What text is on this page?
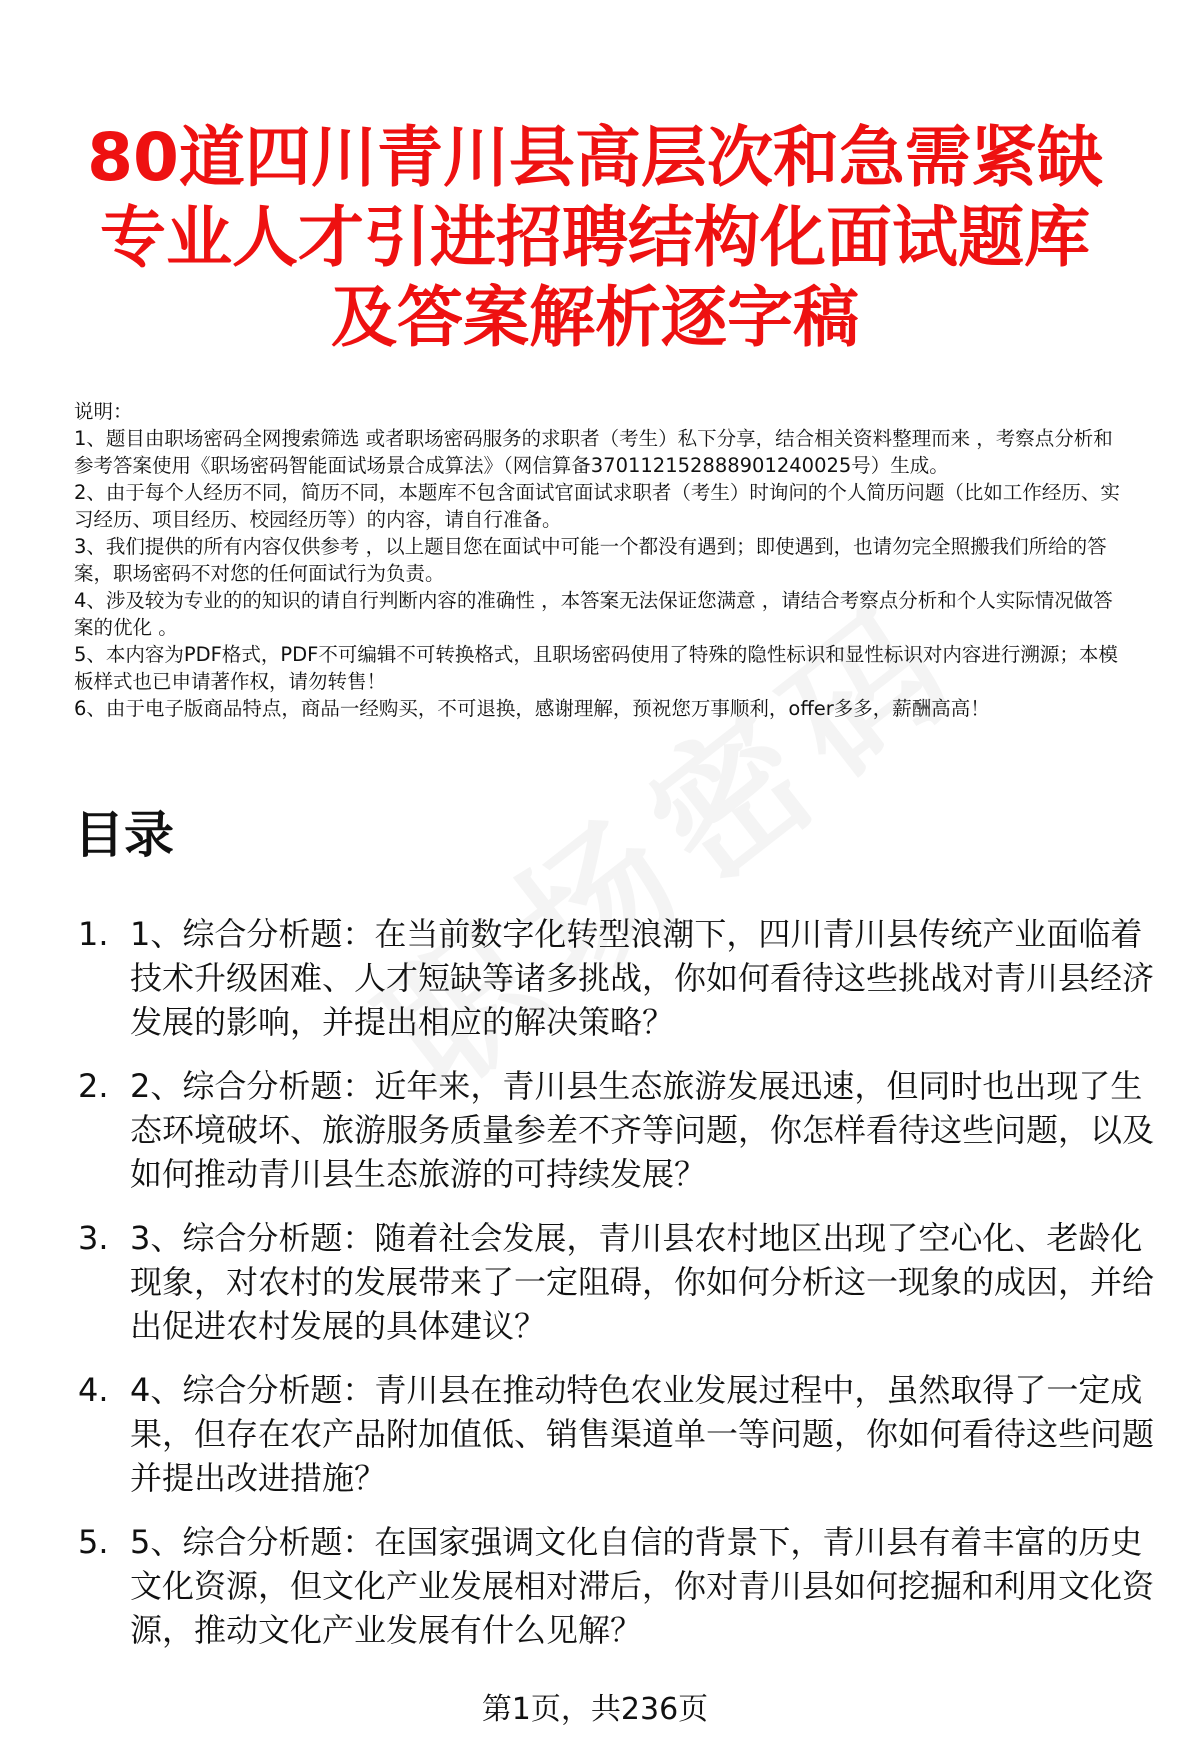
80道四川青川县高层次和急需紧缺专业人才引进招聘结构化面试题库及答案解析逐字稿

说明：

1、题目由职场密码全网搜索筛选 或者职场密码服务的求职者（考生）私下分享，结合相关资料整理而来 ，考察点分析和参考答案使用《职场密码智能面试场景合成算法》（网信算备370112152888901240025号）生成。

2、由于每个人经历不同，简历不同，本题库不包含面试官面试求职者（考生）时询问的个人简历问题（比如工作经历、实习经历、项目经历、校园经历等）的内容，请自行准备。

3、我们提供的所有内容仅供参考 ，以上题目您在面试中可能一个都没有遇到；即使遇到，也请勿完全照搬我们所给的答案，职场密码不对您的任何面试行为负责。

4、涉及较为专业的的知识的请自行判断内容的准确性 ，本答案无法保证您满意 ，请结合考察点分析和个人实际情况做答案的优化 。

5、本内容为PDF格式，PDF不可编辑不可转换格式，且职场密码使用了特殊的隐性标识和显性标识对内容进行溯源；本模板样式也已申请著作权，请勿转售！

6、由于电子版商品特点，商品一经购买，不可退换，感谢理解，预祝您万事顺利，offer多多，薪酬高高！

目录
1. 1、综合分析题：在当前数字化转型浪潮下，四川青川县传统产业面临着技术升级困难、人才短缺等诸多挑战，你如何看待这些挑战对青川县经济发展的影响，并提出相应的解决策略？
2. 2、综合分析题：近年来，青川县生态旅游发展迅速，但同时也出现了生态环境破坏、旅游服务质量参差不齐等问题，你怎样看待这些问题，以及如何推动青川县生态旅游的可持续发展？
3. 3、综合分析题：随着社会发展，青川县农村地区出现了空心化、老龄化现象，对农村的发展带来了一定阻碍，你如何分析这一现象的成因，并给出促进农村发展的具体建议？
4. 4、综合分析题：青川县在推动特色农业发展过程中，虽然取得了一定成果，但存在农产品附加值低、销售渠道单一等问题，你如何看待这些问题并提出改进措施？
5. 5、综合分析题：在国家强调文化自信的背景下，青川县有着丰富的历史文化资源，但文化产业发展相对滞后，你对青川县如何挖掘和利用文化资源，推动文化产业发展有什么见解？
第1页，共236页
